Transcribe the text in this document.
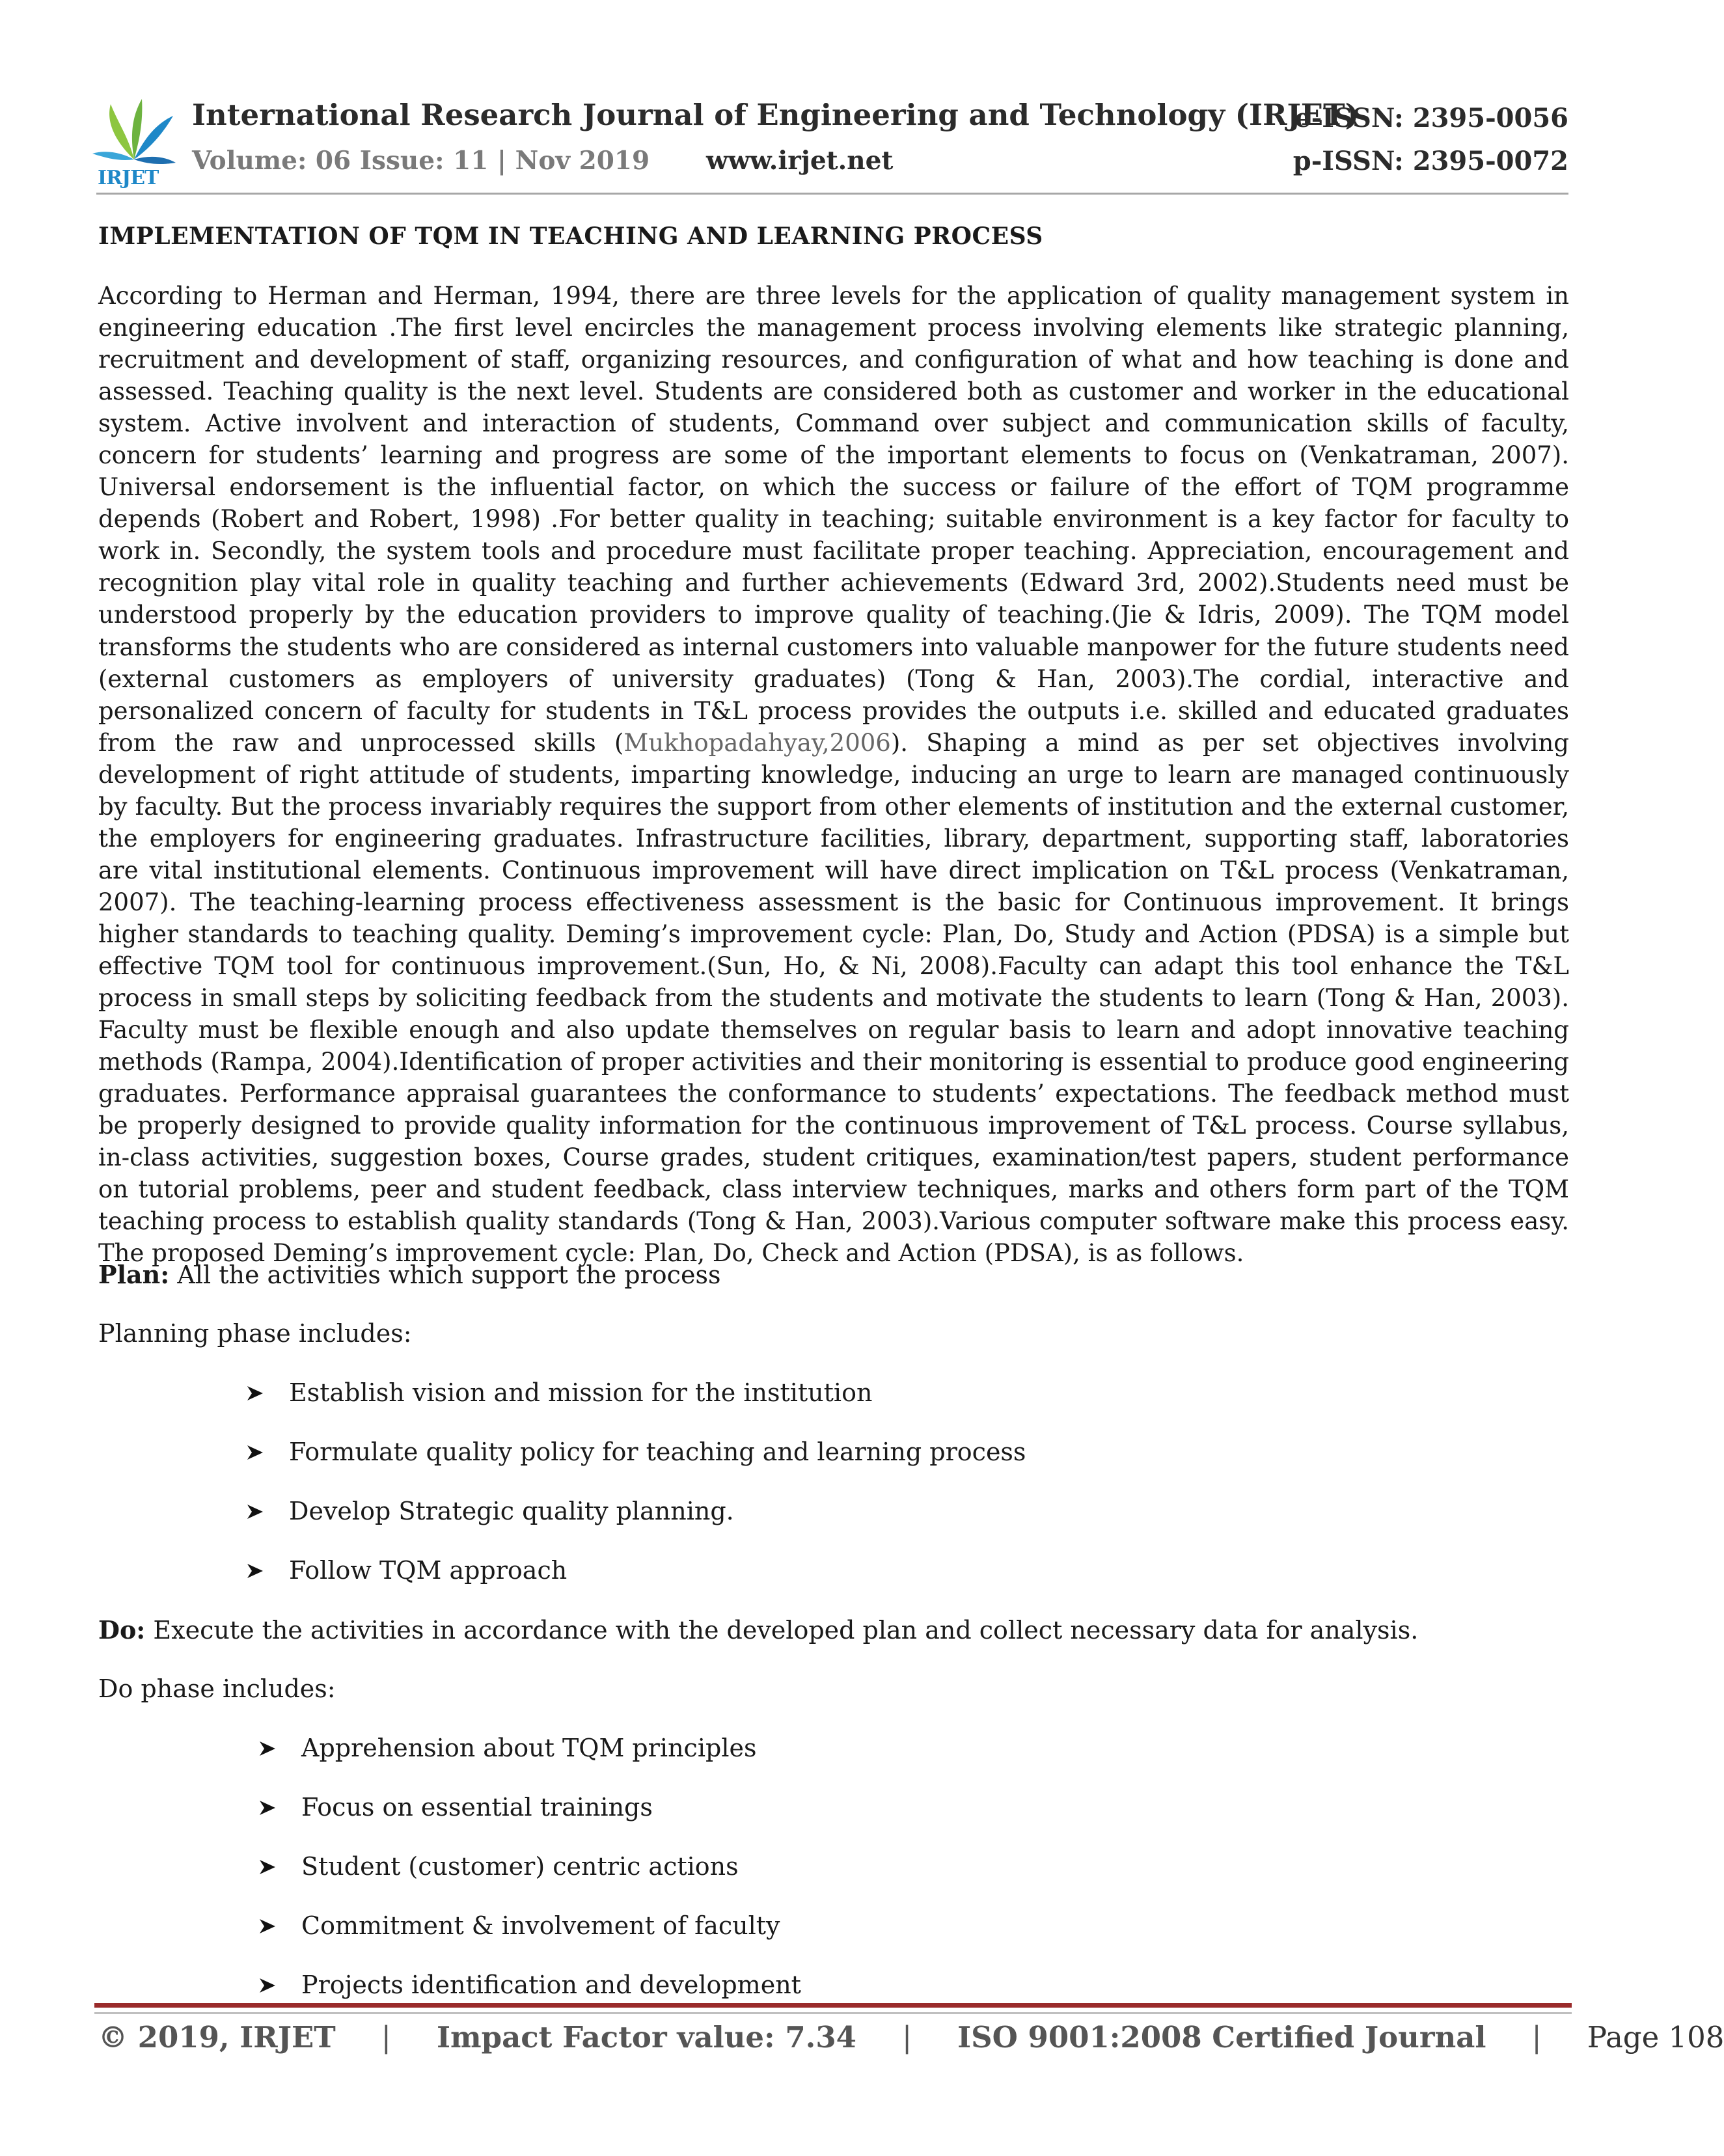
IRJET
International Research Journal of Engineering and Technology (IRJET)
Volume: 06 Issue: 11 | Nov 2019 www.irjet.net
e-ISSN: 2395-0056
p-ISSN: 2395-0072
IMPLEMENTATION OF TQM IN TEACHING AND LEARNING PROCESS

According to Herman and Herman, 1994, there are three levels for the application of quality management system in engineering education .The first level encircles the management process involving elements like strategic planning, recruitment and development of staff, organizing resources, and configuration of what and how teaching is done and assessed. Teaching quality is the next level. Students are considered both as customer and worker in the educational system. Active involvent and interaction of students, Command over subject and communication skills of faculty, concern for students’ learning and progress are some of the important elements to focus on (Venkatraman, 2007). Universal endorsement is the influential factor, on which the success or failure of the effort of TQM programme depends (Robert and Robert, 1998) .For better quality in teaching; suitable environment is a key factor for faculty to work in. Secondly, the system tools and procedure must facilitate proper teaching. Appreciation, encouragement and recognition play vital role in quality teaching and further achievements (Edward 3rd, 2002).Students need must be understood properly by the education providers to improve quality of teaching.(Jie & Idris, 2009). The TQM model transforms the students who are considered as internal customers into valuable manpower for the future students need (external customers as employers of university graduates) (Tong & Han, 2003).The cordial, interactive and personalized concern of faculty for students in T&L process provides the outputs i.e. skilled and educated graduates from the raw and unprocessed skills (Mukhopadahyay,2006). Shaping a mind as per set objectives involving development of right attitude of students, imparting knowledge, inducing an urge to learn are managed continuously by faculty. But the process invariably requires the support from other elements of institution and the external customer, the employers for engineering graduates. Infrastructure facilities, library, department, supporting staff, laboratories are vital institutional elements. Continuous improvement will have direct implication on T&L process (Venkatraman, 2007). The teaching-learning process effectiveness assessment is the basic for Continuous improvement. It brings higher standards to teaching quality. Deming’s improvement cycle: Plan, Do, Study and Action (PDSA) is a simple but effective TQM tool for continuous improvement.(Sun, Ho, & Ni, 2008).Faculty can adapt this tool enhance the T&L process in small steps by soliciting feedback from the students and motivate the students to learn (Tong & Han, 2003). Faculty must be flexible enough and also update themselves on regular basis to learn and adopt innovative teaching methods (Rampa, 2004).Identification of proper activities and their monitoring is essential to produce good engineering graduates. Performance appraisal guarantees the conformance to students’ expectations. The feedback method must be properly designed to provide quality information for the continuous improvement of T&L process. Course syllabus, in-class activities, suggestion boxes, Course grades, student critiques, examination/test papers, student performance on tutorial problems, peer and student feedback, class interview techniques, marks and others form part of the TQM teaching process to establish quality standards (Tong & Han, 2003).Various computer software make this process easy. The proposed Deming’s improvement cycle: Plan, Do, Check and Action (PDSA), is as follows.

Plan: All the activities which support the process
Planning phase includes:
Establish vision and mission for the institution
Formulate quality policy for teaching and learning process
Develop Strategic quality planning.
Follow TQM approach
Do: Execute the activities in accordance with the developed plan and collect necessary data for analysis.
Do phase includes:
Apprehension about TQM principles
Focus on essential trainings
Student (customer) centric actions
Commitment & involvement of faculty
Projects identification and development
© 2019, IRJET | Impact Factor value: 7.34 | ISO 9001:2008 Certified Journal | Page 108
